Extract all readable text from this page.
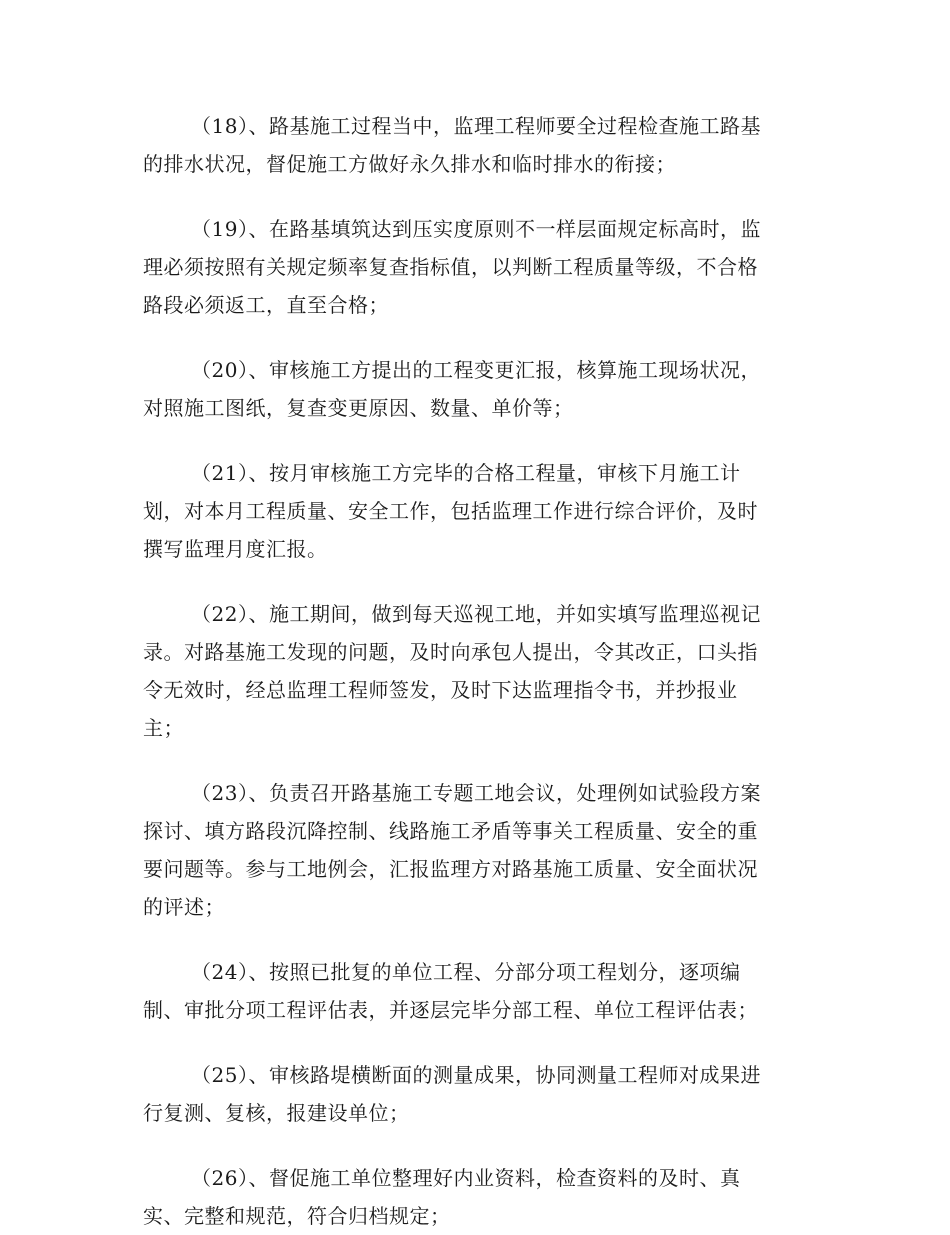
（18）、路基施工过程当中，监理工程师要全过程检查施工路基
的排水状况，督促施工方做好永久排水和临时排水的衔接；
（19）、在路基填筑达到压实度原则不一样层面规定标高时，监
理必须按照有关规定频率复查指标值，以判断工程质量等级，不合格
路段必须返工，直至合格；
（20）、审核施工方提出的工程变更汇报，核算施工现场状况，
对照施工图纸，复查变更原因、数量、单价等；
（21）、按月审核施工方完毕的合格工程量，审核下月施工计
划，对本月工程质量、安全工作，包括监理工作进行综合评价，及时
撰写监理月度汇报。
（22）、施工期间，做到每天巡视工地，并如实填写监理巡视记
录。对路基施工发现的问题，及时向承包人提出，令其改正，口头指
令无效时，经总监理工程师签发，及时下达监理指令书，并抄报业
主；
（23）、负责召开路基施工专题工地会议，处理例如试验段方案
探讨、填方路段沉降控制、线路施工矛盾等事关工程质量、安全的重
要问题等。参与工地例会，汇报监理方对路基施工质量、安全面状况
的评述；
（24）、按照已批复的单位工程、分部分项工程划分，逐项编
制、审批分项工程评估表，并逐层完毕分部工程、单位工程评估表；
（25）、审核路堤横断面的测量成果，协同测量工程师对成果进
行复测、复核，报建设单位；
（26）、督促施工单位整理好内业资料，检查资料的及时、真
实、完整和规范，符合归档规定；
